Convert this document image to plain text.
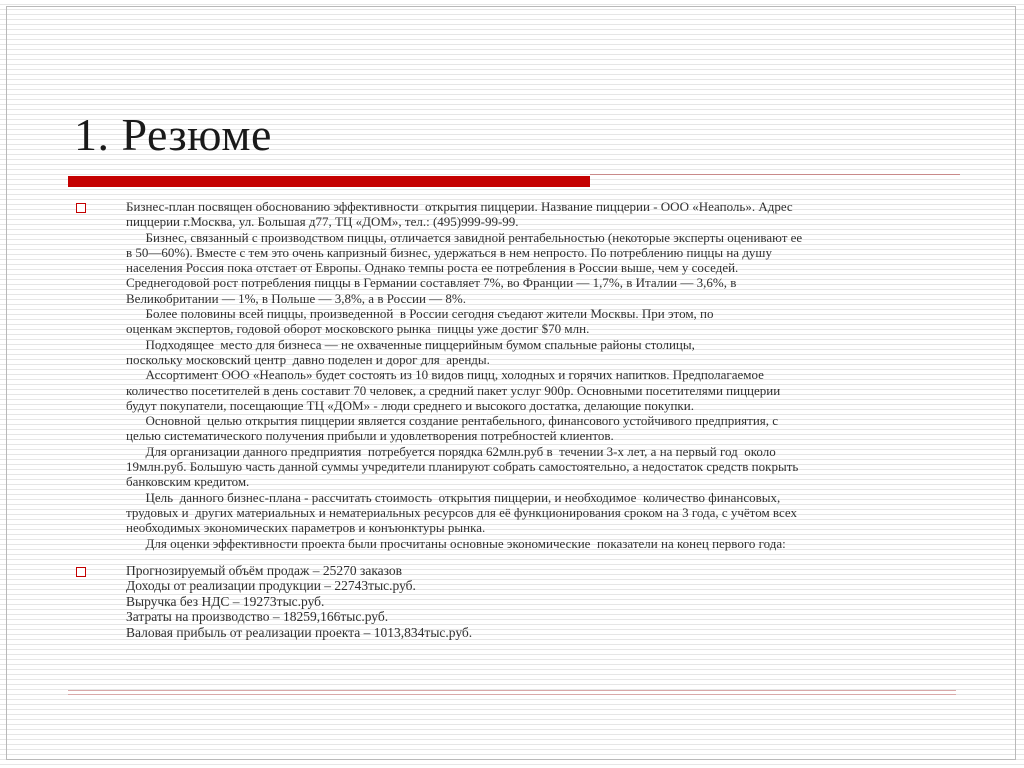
1. Резюме
Бизнес-план посвящен обоснованию эффективности  открытия пиццерии. Название пиццерии - ООО «Неаполь». Адрес
пиццерии г.Москва, ул. Большая д77, ТЦ «ДОМ», тел.: (495)999-99-99.
Бизнес, связанный с производством пиццы, отличается завидной рентабельностью (некоторые эксперты оценивают ее
в 50—60%). Вместе с тем это очень капризный бизнес, удержаться в нем непросто. По потреблению пиццы на душу
населения Россия пока отстает от Европы. Однако темпы роста ее потребления в России выше, чем у соседей.
Среднегодовой рост потребления пиццы в Германии составляет 7%, во Франции — 1,7%, в Италии — 3,6%, в
Великобритании — 1%, в Польше — 3,8%, а в России — 8%.
Более половины всей пиццы, произведенной  в России сегодня съедают жители Москвы. При этом, по
оценкам экспертов, годовой оборот московского рынка  пиццы уже достиг $70 млн.
Подходящее  место для бизнеса — не охваченные пиццерийным бумом спальные районы столицы,
поскольку московский центр  давно поделен и дорог для  аренды.
Ассортимент ООО «Неаполь» будет состоять из 10 видов пицц, холодных и горячих напитков. Предполагаемое
количество посетителей в день составит 70 человек, а средний пакет услуг 900р. Основными посетителями пиццерии
будут покупатели, посещающие ТЦ «ДОМ» - люди среднего и высокого достатка, делающие покупки.
Основной  целью открытия пиццерии является создание рентабельного, финансового устойчивого предприятия, с
целью систематического получения прибыли и удовлетворения потребностей клиентов.
Для организации данного предприятия  потребуется порядка 62млн.руб в  течении 3-х лет, а на первый год  около
19млн.руб. Большую часть данной суммы учредители планируют собрать самостоятельно, а недостаток средств покрыть
банковским кредитом.
Цель  данного бизнес-плана - рассчитать стоимость  открытия пиццерии, и необходимое  количество финансовых,
трудовых и  других материальных и нематериальных ресурсов для её функционирования сроком на 3 года, с учётом всех
необходимых экономических параметров и конъюнктуры рынка.
Для оценки эффективности проекта были просчитаны основные экономические  показатели на конец первого года:
Прогнозируемый объём продаж – 25270 заказов
Доходы от реализации продукции – 22743тыс.руб.
Выручка без НДС – 19273тыс.руб.
Затраты на производство – 18259,166тыс.руб.
Валовая прибыль от реализации проекта – 1013,834тыс.руб.
